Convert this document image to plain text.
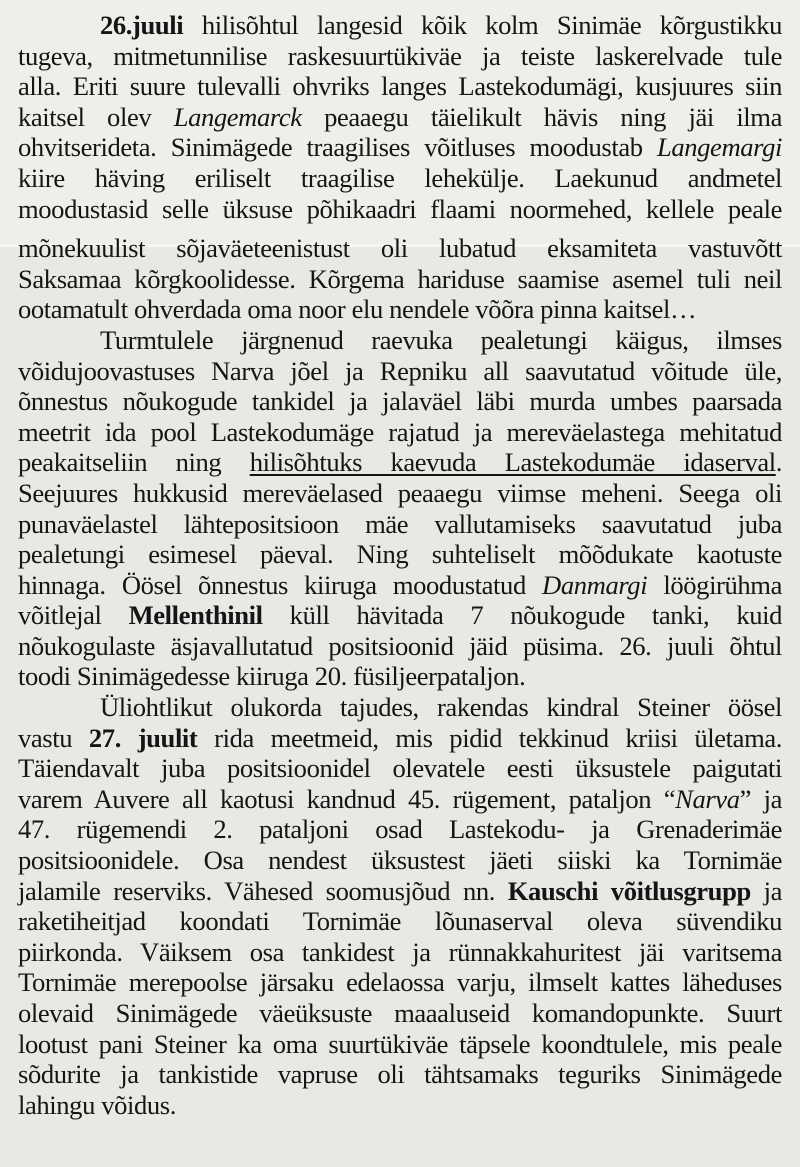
26.juuli hilisõhtul langesid kõik kolm Sinimäe kõrgustikku
tugeva, mitmetunnilise raskesuurtükiväe ja teiste laskerelvade tule
alla. Eriti suure tulevalli ohvriks langes Lastekodumägi, kusjuures siin
kaitsel olev Langemarck peaaegu täielikult hävis ning jäi ilma
ohvitserideta. Sinimägede traagilises võitluses moodustab Langemargi
kiire häving eriliselt traagilise lehekülje. Laekunud andmetel
moodustasid selle üksuse põhikaadri flaami noormehed, kellele peale
mõnekuulist sõjaväeteenistust oli lubatud eksamiteta vastuvõtt
Saksamaa kõrgkoolidesse. Kõrgema hariduse saamise asemel tuli neil
ootamatult ohverdada oma noor elu nendele võõra pinna kaitsel…
Turmtulele järgnenud raevuka pealetungi käigus, ilmses
võidujoovastuses Narva jõel ja Repniku all saavutatud võitude üle,
õnnestus nõukogude tankidel ja jalaväel läbi murda umbes paarsada
meetrit ida pool Lastekodumäge rajatud ja mereväelastega mehitatud
peakaitseliin ning hilisõhtuks kaevuda Lastekodumäe idaserval.
Seejuures hukkusid mereväelased peaaegu viimse meheni. Seega oli
punaväelastel lähtepositsioon mäe vallutamiseks saavutatud juba
pealetungi esimesel päeval. Ning suhteliselt mõõdukate kaotuste
hinnaga. Öösel õnnestus kiiruga moodustatud Danmargi löögirühma
võitlejal Mellenthinil küll hävitada 7 nõukogude tanki, kuid
nõukogulaste äsjavallutatud positsioonid jäid püsima. 26. juuli õhtul
toodi Sinimägedesse kiiruga 20. füsiljeerpataljon.
Üliohtlikut olukorda tajudes, rakendas kindral Steiner öösel
vastu 27. juulit rida meetmeid, mis pidid tekkinud kriisi ületama.
Täiendavalt juba positsioonidel olevatele eesti üksustele paigutati
varem Auvere all kaotusi kandnud 45. rügement, pataljon “Narva” ja
47. rügemendi 2. pataljoni osad Lastekodu- ja Grenaderimäe
positsioonidele. Osa nendest üksustest jäeti siiski ka Tornimäe
jalamile reserviks. Vähesed soomusjõud nn. Kauschi võitlusgrupp ja
raketiheitjad koondati Tornimäe lõunaserval oleva süvendiku
piirkonda. Väiksem osa tankidest ja rünnakkahuritest jäi varitsema
Tornimäe merepoolse järsaku edelaossa varju, ilmselt kattes läheduses
olevaid Sinimägede väeüksuste maaaluseid komandopunkte. Suurt
lootust pani Steiner ka oma suurtükiväe täpsele koondtulele, mis peale
sõdurite ja tankistide vapruse oli tähtsamaks teguriks Sinimägede
lahingu võidus.
